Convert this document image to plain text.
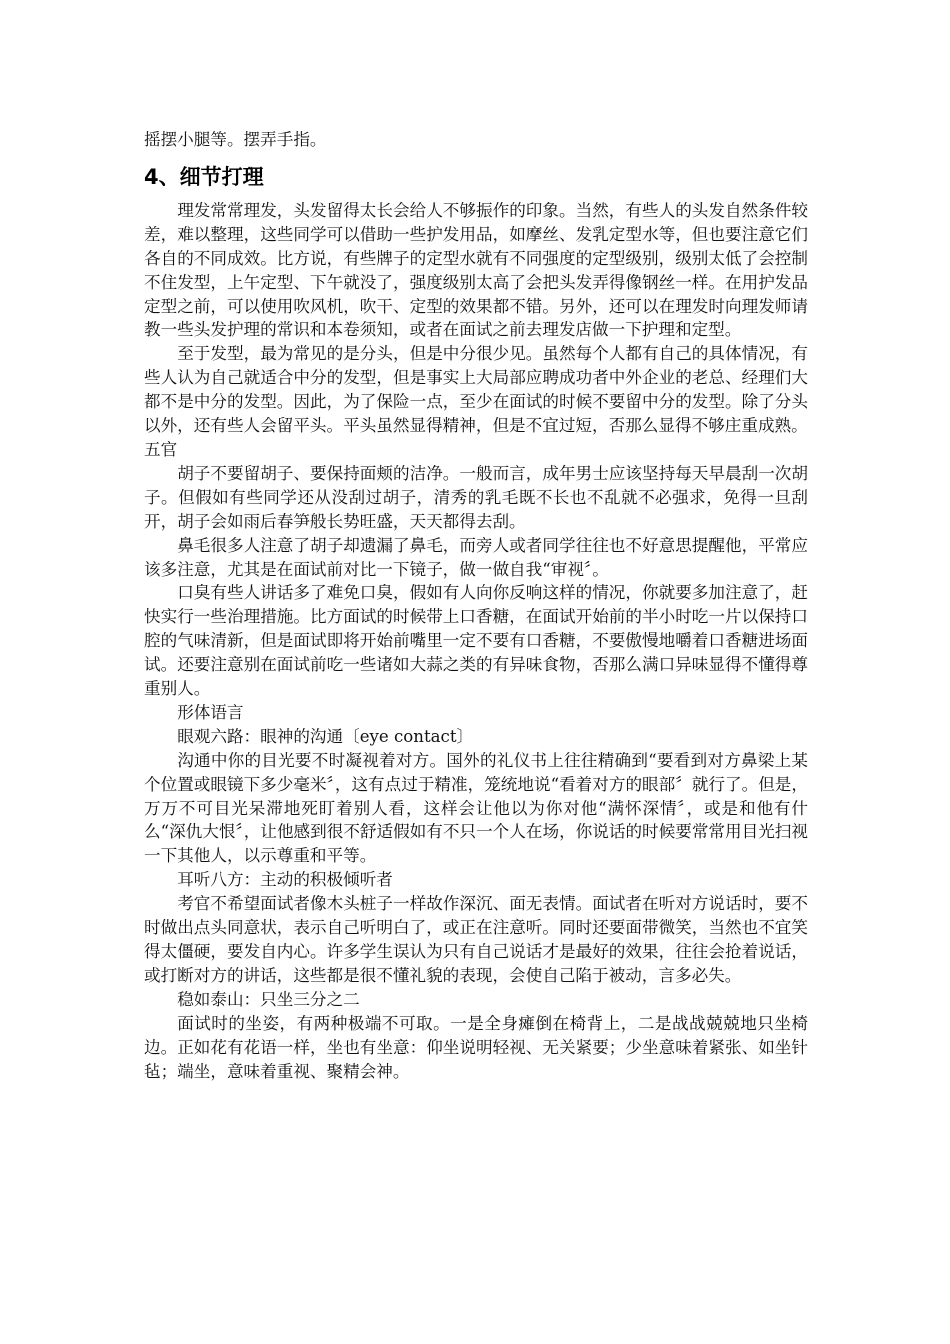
摇摆小腿等。摆弄手指。

4、细节打理

理发常常理发，头发留得太长会给人不够振作的印象。当然，有些人的头发自然条件较差，难以整理，这些同学可以借助一些护发用品，如摩丝、发乳定型水等，但也要注意它们各自的不同成效。比方说，有些牌子的定型水就有不同强度的定型级别，级别太低了会控制不住发型，上午定型、下午就没了，强度级别太高了会把头发弄得像钢丝一样。在用护发品定型之前，可以使用吹风机，吹干、定型的效果都不错。另外，还可以在理发时向理发师请教一些头发护理的常识和本卷须知，或者在面试之前去理发店做一下护理和定型。

至于发型，最为常见的是分头，但是中分很少见。虽然每个人都有自己的具体情况，有些人认为自己就适合中分的发型，但是事实上大局部应聘成功者中外企业的老总、经理们大都不是中分的发型。因此，为了保险一点，至少在面试的时候不要留中分的发型。除了分头以外，还有些人会留平头。平头虽然显得精神，但是不宜过短，否那么显得不够庄重成熟。

五官

胡子不要留胡子、要保持面颊的洁净。一般而言，成年男士应该坚持每天早晨刮一次胡子。但假如有些同学还从没刮过胡子，清秀的乳毛既不长也不乱就不必强求，免得一旦刮开，胡子会如雨后春笋般长势旺盛，天天都得去刮。

鼻毛很多人注意了胡子却遗漏了鼻毛，而旁人或者同学往往也不好意思提醒他，平常应该多注意，尤其是在面试前对比一下镜子，做一做自我“审视〞。

口臭有些人讲话多了难免口臭，假如有人向你反响这样的情况，你就要多加注意了，赶快实行一些治理措施。比方面试的时候带上口香糖，在面试开始前的半小时吃一片以保持口腔的气味清新，但是面试即将开始前嘴里一定不要有口香糖，不要傲慢地嚼着口香糖进场面试。还要注意别在面试前吃一些诸如大蒜之类的有异味食物，否那么满口异味显得不懂得尊重别人。

形体语言

眼观六路：眼神的沟通〔eye contact〕

沟通中你的目光要不时凝视着对方。国外的礼仪书上往往精确到“要看到对方鼻梁上某个位置或眼镜下多少毫米〞，这有点过于精准，笼统地说“看着对方的眼部〞就行了。但是，万万不可目光呆滞地死盯着别人看，这样会让他以为你对他“满怀深情〞，或是和他有什么“深仇大恨〞，让他感到很不舒适假如有不只一个人在场，你说话的时候要常常用目光扫视一下其他人，以示尊重和平等。

耳听八方：主动的积极倾听者

考官不希望面试者像木头桩子一样故作深沉、面无表情。面试者在听对方说话时，要不时做出点头同意状，表示自己听明白了，或正在注意听。同时还要面带微笑，当然也不宜笑得太僵硬，要发自内心。许多学生误认为只有自己说话才是最好的效果，往往会抢着说话，或打断对方的讲话，这些都是很不懂礼貌的表现，会使自己陷于被动，言多必失。

稳如泰山：只坐三分之二

面试时的坐姿，有两种极端不可取。一是全身瘫倒在椅背上，二是战战兢兢地只坐椅边。正如花有花语一样，坐也有坐意：仰坐说明轻视、无关紧要；少坐意味着紧张、如坐针毡；端坐，意味着重视、聚精会神。
